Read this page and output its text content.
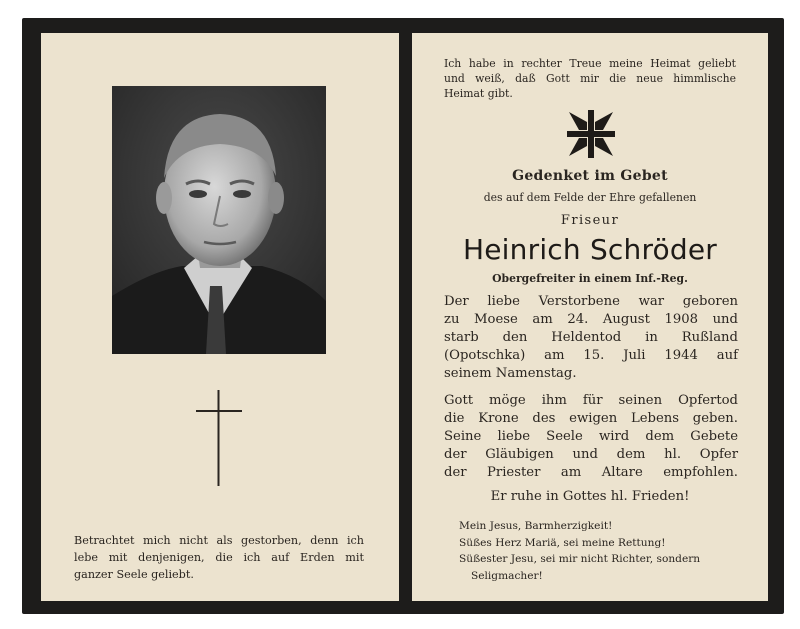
Betrachtet mich nicht als gestorben, denn ich
lebe mit denjenigen, die ich auf Erden mit
ganzer Seele geliebt.
Ich habe in rechter Treue meine Heimat geliebt
und weiß, daß Gott mir die neue himmlische
Heimat gibt.
Gedenket im Gebet
des auf dem Felde der Ehre gefallenen
Friseur
Heinrich Schröder
Obergefreiter in einem Inf.-Reg.
Der liebe Verstorbene war geboren
zu Moese am 24. August 1908 und
starb den Heldentod in Rußland
(Opotschka) am 15. Juli 1944 auf
seinem Namenstag.
Gott möge ihm für seinen Opfertod
die Krone des ewigen Lebens geben.
Seine liebe Seele wird dem Gebete
der Gläubigen und dem hl. Opfer
der Priester am Altare empfohlen.
Er ruhe in Gottes hl. Frieden!
Mein Jesus, Barmherzigkeit!
Süßes Herz Mariä, sei meine Rettung!
Süßester Jesu, sei mir nicht Richter, sondern
Seligmacher!
